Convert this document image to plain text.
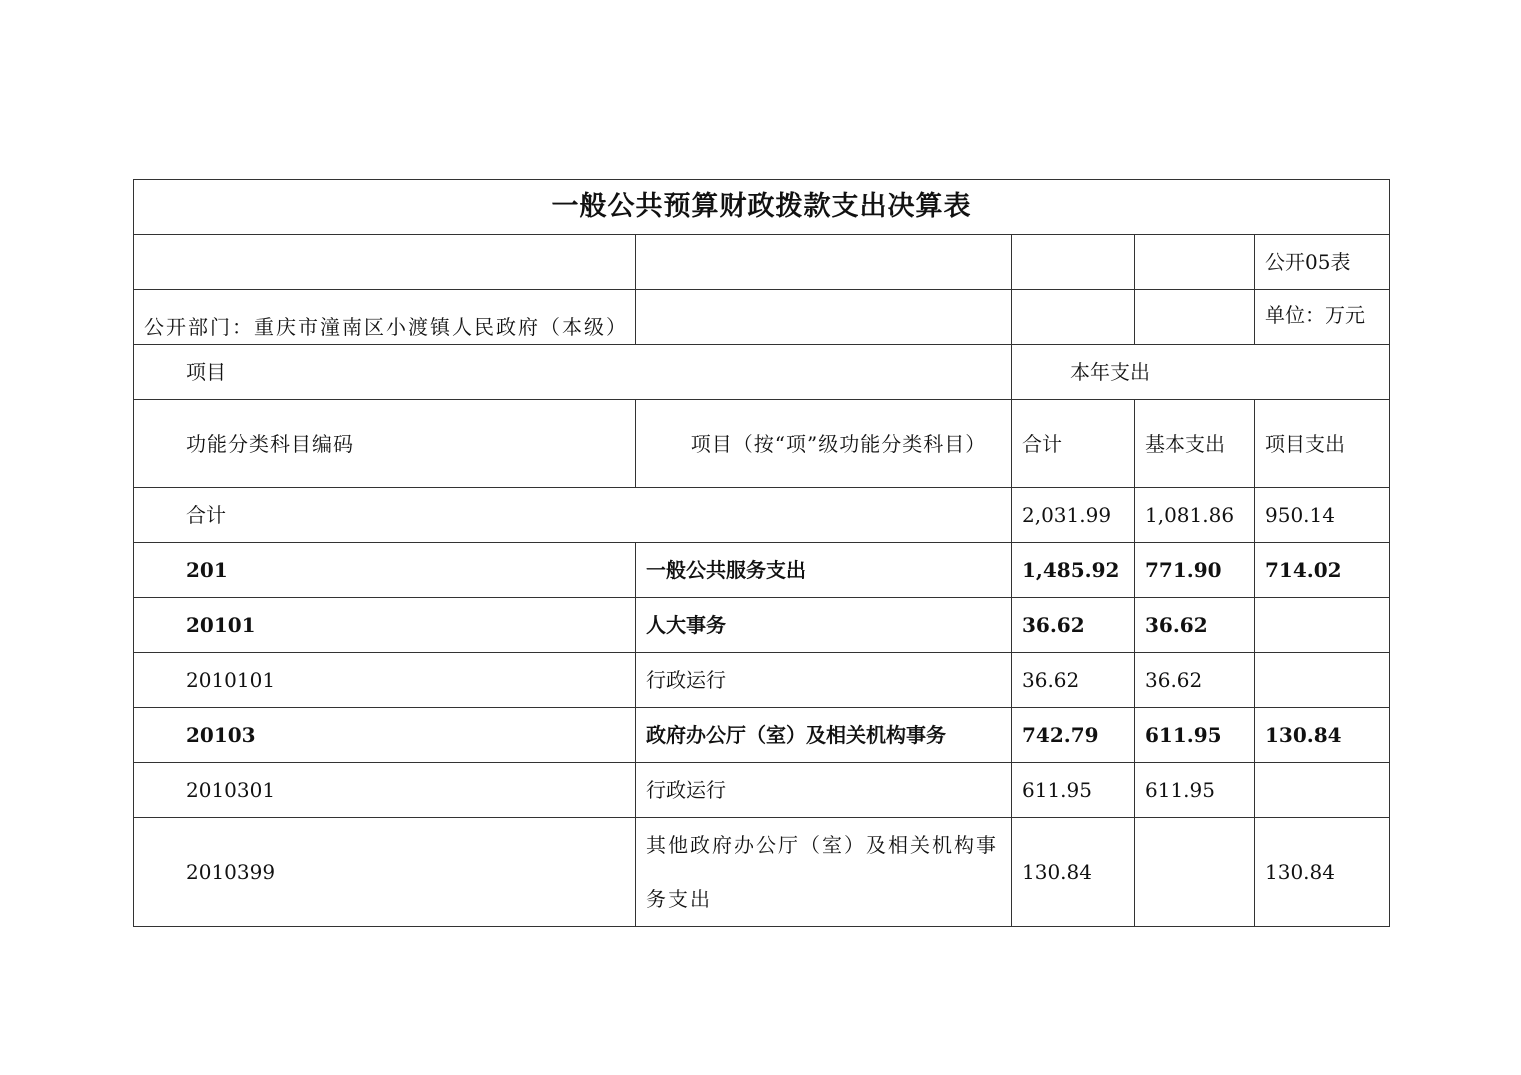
一般公共预算财政拨款支出决算表				
				公开05表
公开部门：重庆市潼南区小渡镇人民政府（本级）				单位：万元
项目		本年支出		
功能分类科目编码	项目（按“项”级功能分类科目）	合计	基本支出	项目支出
合计		2,031.99	1,081.86	950.14
201	一般公共服务支出	1,485.92	771.90	714.02
20101	人大事务	36.62	36.62	
2010101	行政运行	36.62	36.62	
20103	政府办公厅（室）及相关机构事务	742.79	611.95	130.84
2010301	行政运行	611.95	611.95	
2010399	其他政府办公厅（室）及相关机构事务支出	130.84		130.84
